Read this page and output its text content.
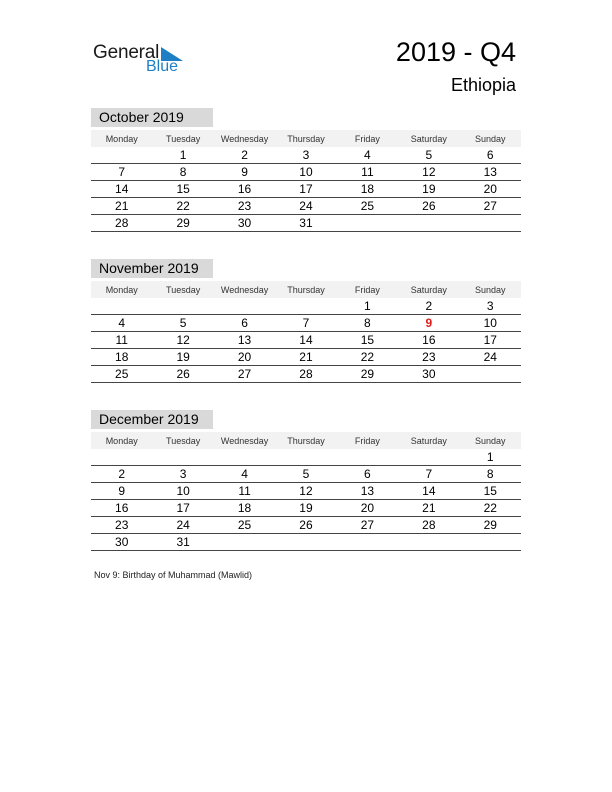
General
Blue	2019 - Q4
Ethiopia
October 2019
Monday	Tuesday	Wednesday	Thursday	Friday	Saturday	Sunday
	1	2	3	4	5	6
7	8	9	10	11	12	13
14	15	16	17	18	19	20
21	22	23	24	25	26	27
28	29	30	31			
November 2019
Monday	Tuesday	Wednesday	Thursday	Friday	Saturday	Sunday
				1	2	3
4	5	6	7	8	9	10
11	12	13	14	15	16	17
18	19	20	21	22	23	24
25	26	27	28	29	30	
December 2019
Monday	Tuesday	Wednesday	Thursday	Friday	Saturday	Sunday
						1
2	3	4	5	6	7	8
9	10	11	12	13	14	15
16	17	18	19	20	21	22
23	24	25	26	27	28	29
30	31					
Nov 9: Birthday of Muhammad (Mawlid)
